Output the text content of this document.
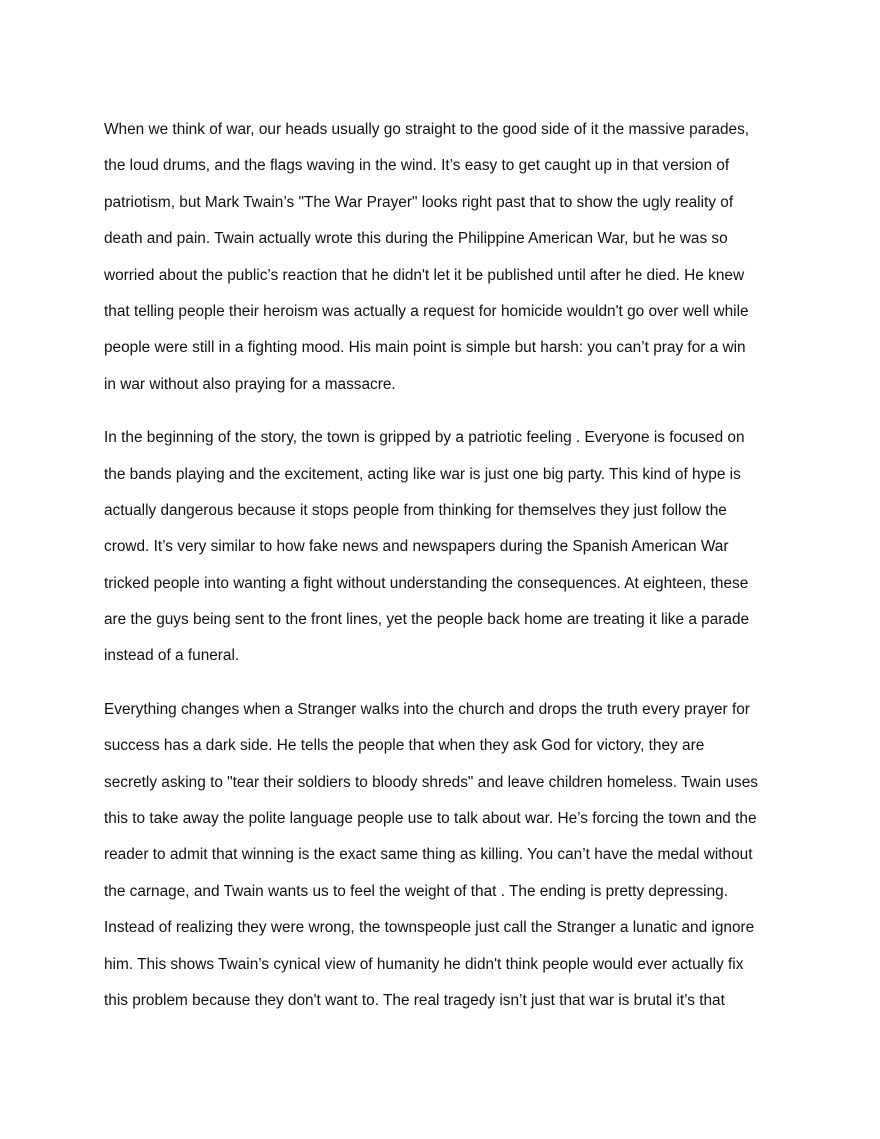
When we think of war, our heads usually go straight to the good side of it the massive parades,
the loud drums, and the flags waving in the wind. It’s easy to get caught up in that version of
patriotism, but Mark Twain’s "The War Prayer" looks right past that to show the ugly reality of
death and pain. Twain actually wrote this during the Philippine American War, but he was so
worried about the public’s reaction that he didn't let it be published until after he died. He knew
that telling people their heroism was actually a request for homicide wouldn't go over well while
people were still in a fighting mood. His main point is simple but harsh: you can’t pray for a win
in war without also praying for a massacre.
In the beginning of the story, the town is gripped by a patriotic feeling . Everyone is focused on
the bands playing and the excitement, acting like war is just one big party. This kind of hype is
actually dangerous because it stops people from thinking for themselves they just follow the
crowd. It’s very similar to how fake news and newspapers during the Spanish American War
tricked people into wanting a fight without understanding the consequences. At eighteen, these
are the guys being sent to the front lines, yet the people back home are treating it like a parade
instead of a funeral.
Everything changes when a Stranger walks into the church and drops the truth every prayer for
success has a dark side. He tells the people that when they ask God for victory, they are
secretly asking to "tear their soldiers to bloody shreds" and leave children homeless. Twain uses
this to take away the polite language people use to talk about war. He’s forcing the town and the
reader to admit that winning is the exact same thing as killing. You can’t have the medal without
the carnage, and Twain wants us to feel the weight of that . The ending is pretty depressing.
Instead of realizing they were wrong, the townspeople just call the Stranger a lunatic and ignore
him. This shows Twain’s cynical view of humanity he didn't think people would ever actually fix
this problem because they don't want to. The real tragedy isn’t just that war is brutal it’s that
